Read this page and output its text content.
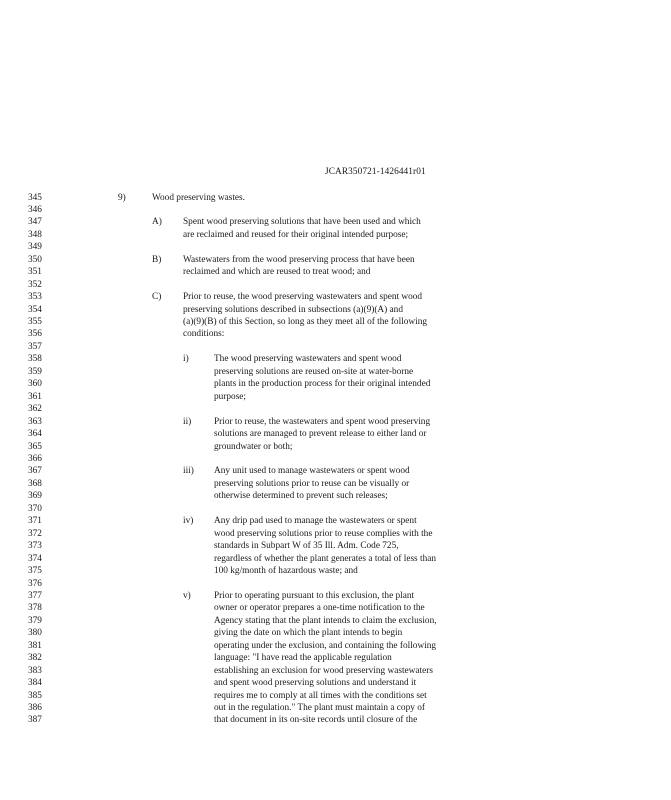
JCAR350721-1426441r01
345	9)	Wood preserving wastes.
346
347	A) Spent wood preserving solutions that have been used and which
348	are reclaimed and reused for their original intended purpose;
349
350	B) Wastewaters from the wood preserving process that have been
351	reclaimed and which are reused to treat wood; and
352
353	C) Prior to reuse, the wood preserving wastewaters and spent wood
354	preserving solutions described in subsections (a)(9)(A) and
355	(a)(9)(B) of this Section, so long as they meet all of the following
356	conditions:
357
358	i)	The wood preserving wastewaters and spent wood
359	preserving solutions are reused on-site at water-borne
360	plants in the production process for their original intended
361	purpose;
362
363	ii) Prior to reuse, the wastewaters and spent wood preserving
364	solutions are managed to prevent release to either land or
365	groundwater or both;
366
367	iii) Any unit used to manage wastewaters or spent wood
368	preserving solutions prior to reuse can be visually or
369	otherwise determined to prevent such releases;
370
371	iv) Any drip pad used to manage the wastewaters or spent
372	wood preserving solutions prior to reuse complies with the
373	standards in Subpart W of 35 Ill. Adm. Code 725,
374	regardless of whether the plant generates a total of less than
375	100 kg/month of hazardous waste; and
376
377	v)	Prior to operating pursuant to this exclusion, the plant
378	owner or operator prepares a one-time notification to the
379	Agency stating that the plant intends to claim the exclusion,
380	giving the date on which the plant intends to begin
381	operating under the exclusion, and containing the following
382	language: "I have read the applicable regulation
383	establishing an exclusion for wood preserving wastewaters
384	and spent wood preserving solutions and understand it
385	requires me to comply at all times with the conditions set
386	out in the regulation." The plant must maintain a copy of
387	that document in its on-site records until closure of the
